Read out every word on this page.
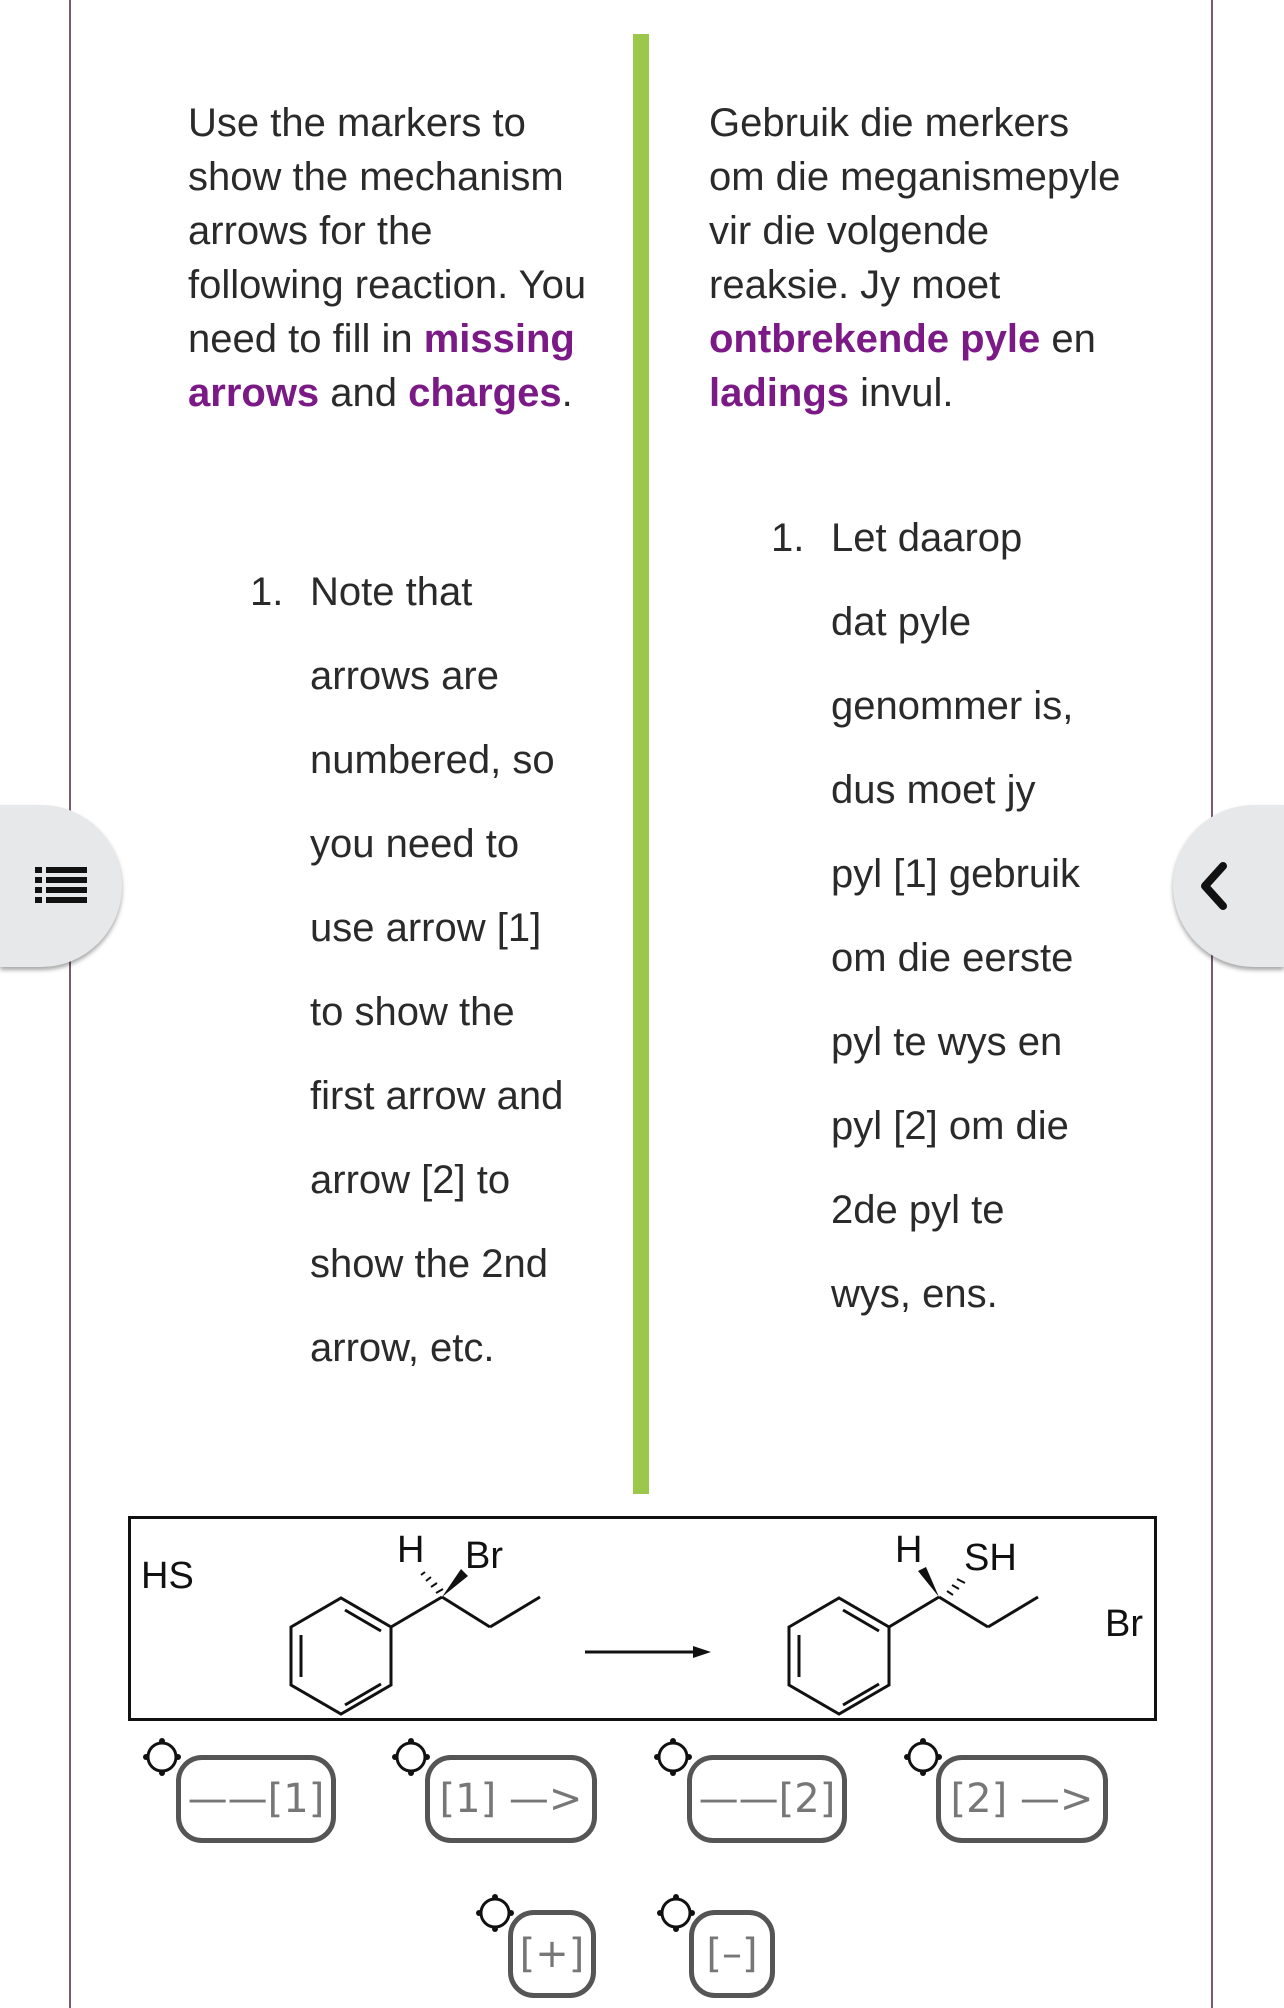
Use the markers to show the mechanism arrows for the following reaction. You need to fill in missing arrows and charges.

1. Note that
arrows are
numbered, so
you need to
use arrow [1]
to show the
first arrow and
arrow [2] to
show the 2nd
arrow, etc.

Gebruik die merkers om die meganismepyle vir die volgende reaksie. Jy moet ontbrekende pyle en ladings invul.

1. Let daarop
dat pyle
genommer is,
dus moet jy
pyl [1] gebruik
om die eerste
pyl te wys en
pyl [2] om die
2de pyl te
wys, ens.
HS
H Br	H SH
Br
——[1]	[1] —>	——[2]	[2] —>
[+]	[–]
